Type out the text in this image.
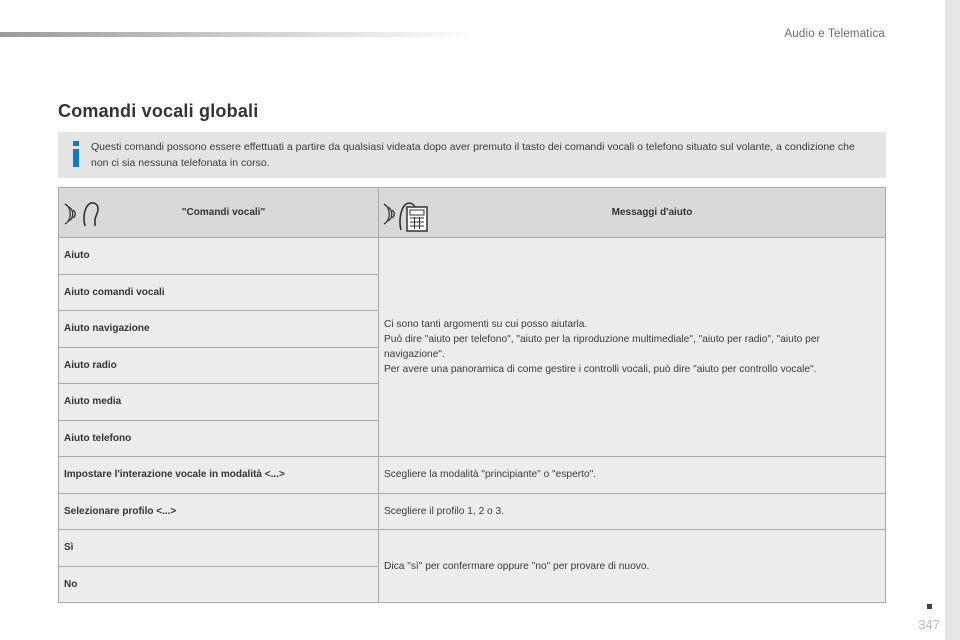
Audio e Telematica
Comandi vocali globali
Questi comandi possono essere effettuati a partire da qualsiasi videata dopo aver premuto il tasto dei comandi vocali o telefono situato sul volante, a condizione che non ci sia nessuna telefonata in corso.
"Comandi vocali"	Messaggi d'aiuto

Aiuto	Ci sono tanti argomenti su cui posso aiutarla.
Può dire "aiuto per telefono", "aiuto per la riproduzione multimediale", "aiuto per radio", "aiuto per navigazione".
Per avere una panoramica di come gestire i controlli vocali, può dire "aiuto per controllo vocale".
Aiuto comandi vocali	
Aiuto navigazione	
Aiuto radio	
Aiuto media	
Aiuto telefono	
Impostare l'interazione vocale in modalità <...>	Scegliere la modalità "principiante" o "esperto".
Selezionare profilo <...>	Scegliere il profilo 1, 2 o 3.
Sì	Dica "sì" per confermare oppure "no" per provare di nuovo.
No	
347
